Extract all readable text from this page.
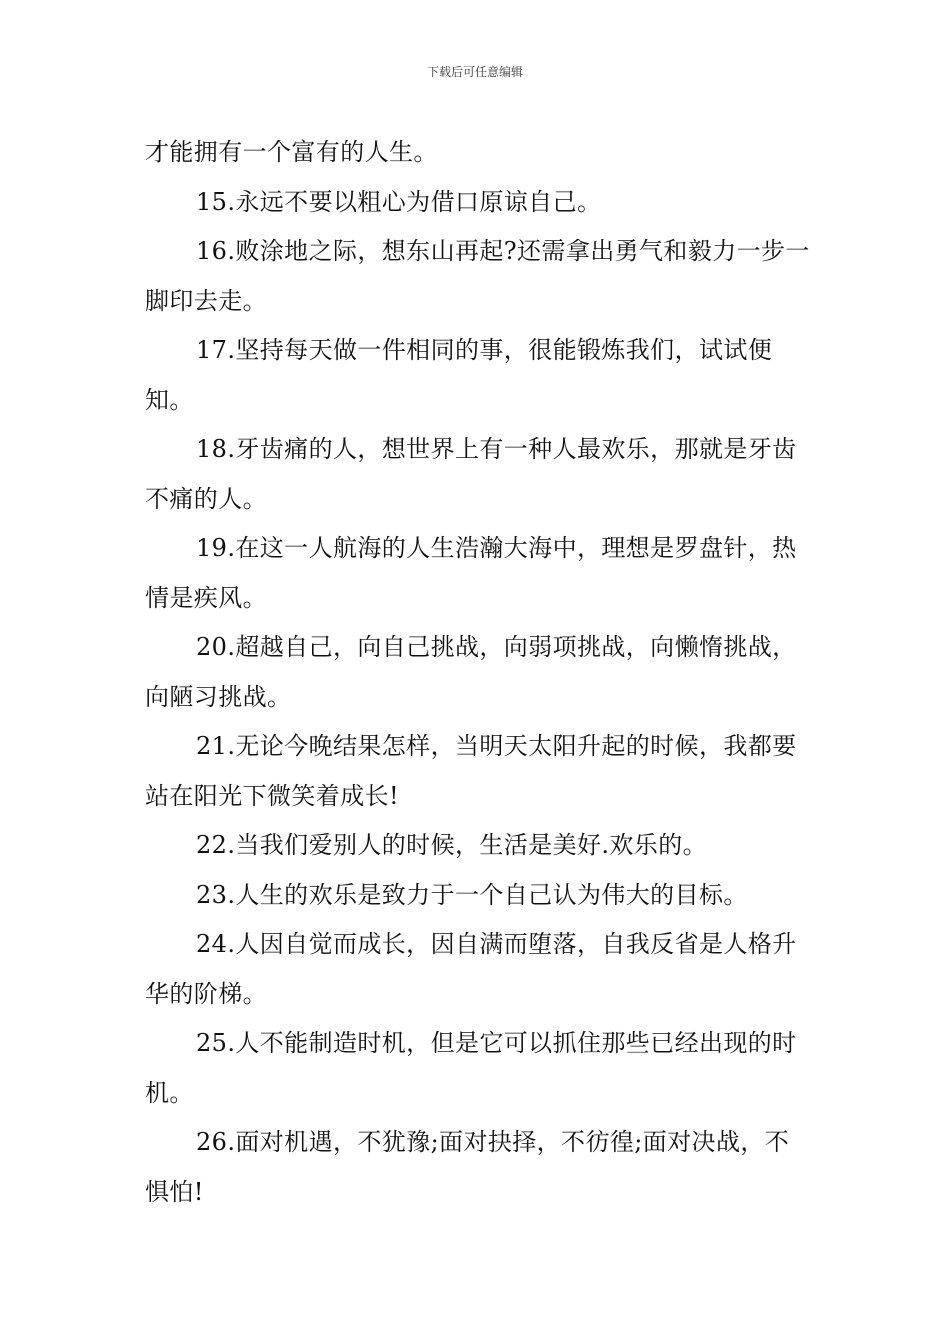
下载后可任意编辑

才能拥有一个富有的人生。

15.永远不要以粗心为借口原谅自己。

16.败涂地之际，想东山再起?还需拿出勇气和毅力一步一脚印去走。

17.坚持每天做一件相同的事，很能锻炼我们，试试便知。

18.牙齿痛的人，想世界上有一种人最欢乐，那就是牙齿不痛的人。

19.在这一人航海的人生浩瀚大海中，理想是罗盘针，热情是疾风。

20.超越自己，向自己挑战，向弱项挑战，向懒惰挑战，向陋习挑战。

21.无论今晚结果怎样，当明天太阳升起的时候，我都要站在阳光下微笑着成长!

22.当我们爱别人的时候，生活是美好.欢乐的。

23.人生的欢乐是致力于一个自己认为伟大的目标。

24.人因自觉而成长，因自满而堕落，自我反省是人格升华的阶梯。

25.人不能制造时机，但是它可以抓住那些已经出现的时机。

26.面对机遇，不犹豫;面对抉择，不彷徨;面对决战，不惧怕!
